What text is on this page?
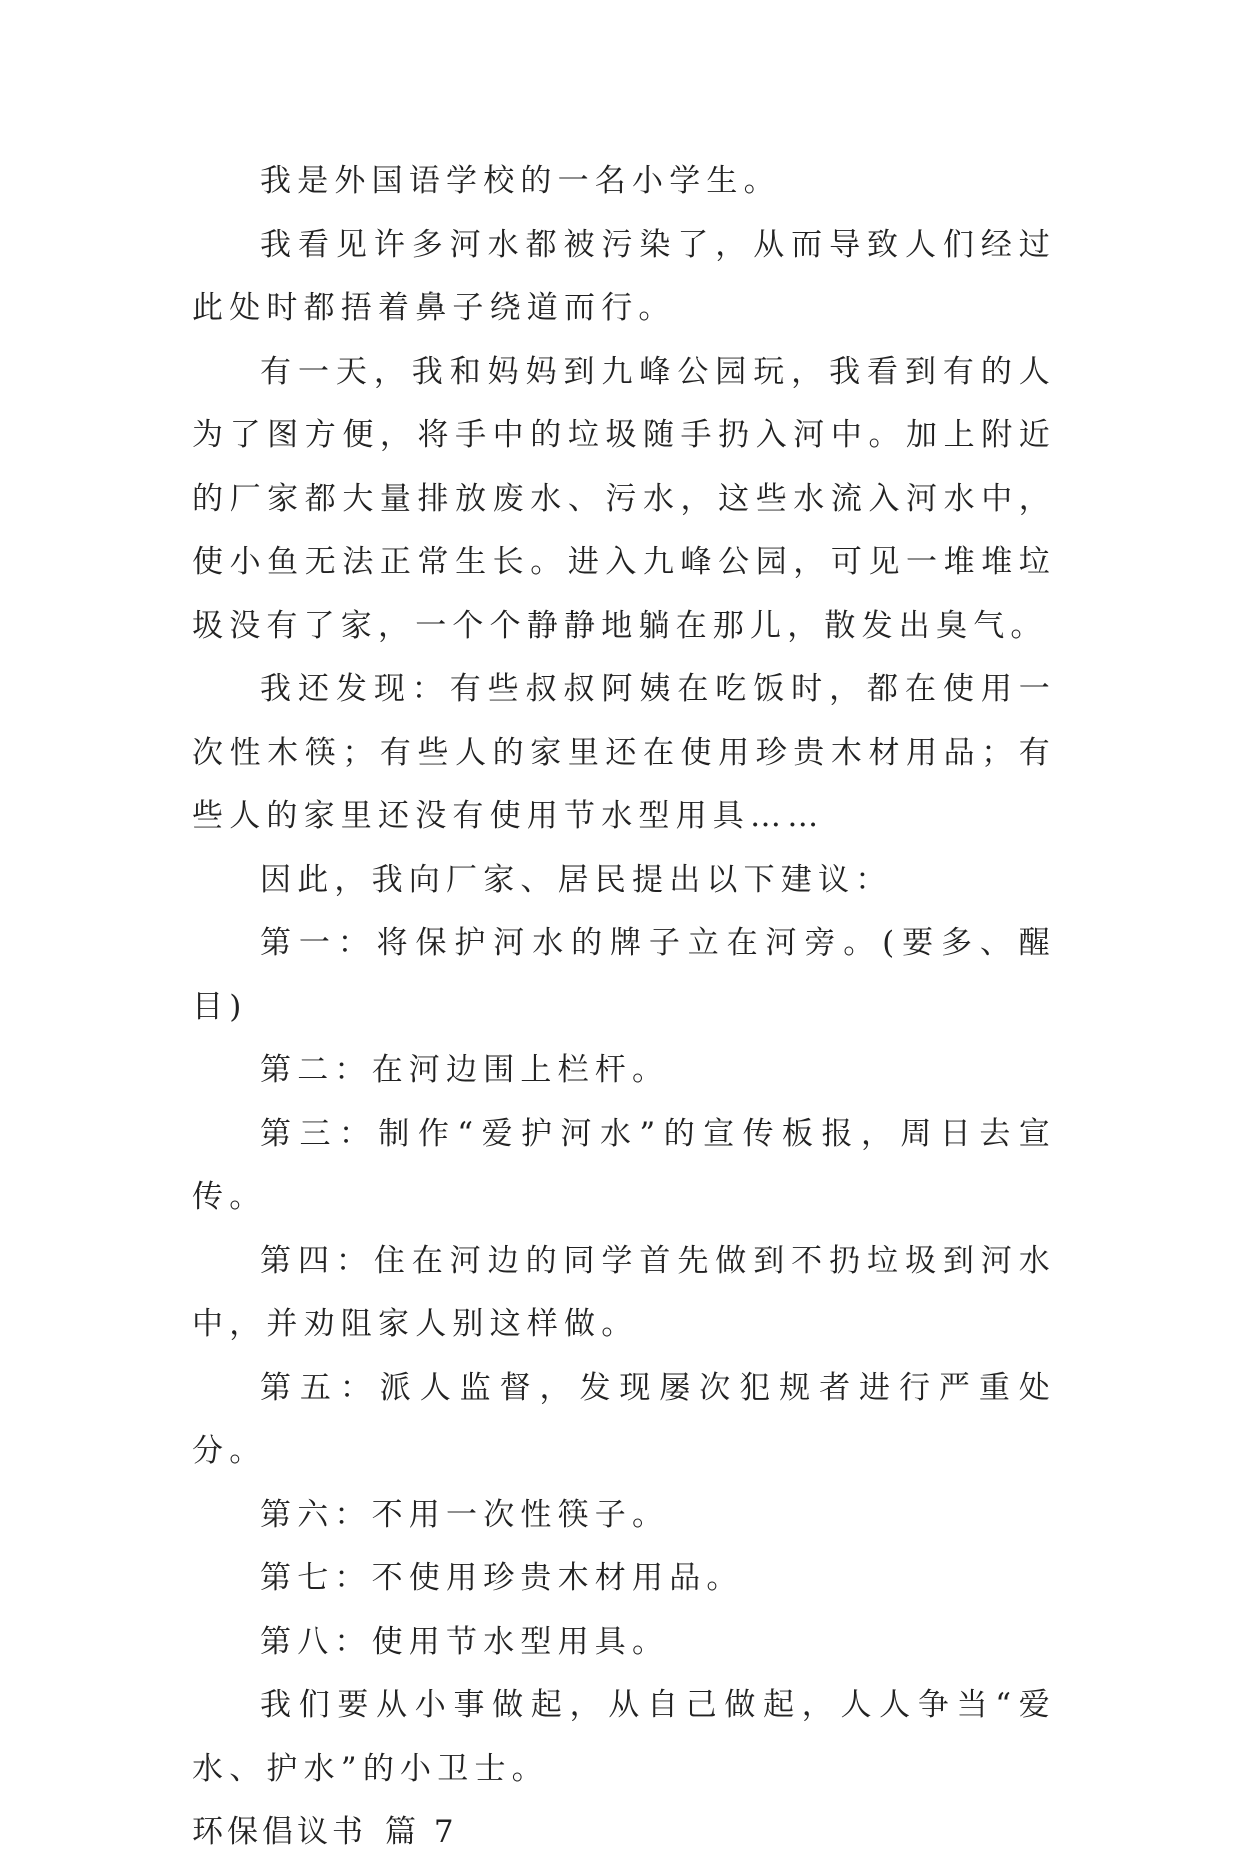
我是外国语学校的一名小学生。

我看见许多河水都被污染了，从而导致人们经过此处时都捂着鼻子绕道而行。

有一天，我和妈妈到九峰公园玩，我看到有的人为了图方便，将手中的垃圾随手扔入河中。加上附近的厂家都大量排放废水、污水，这些水流入河水中，使小鱼无法正常生长。进入九峰公园，可见一堆堆垃圾没有了家，一个个静静地躺在那儿，散发出臭气。

我还发现：有些叔叔阿姨在吃饭时，都在使用一次性木筷；有些人的家里还在使用珍贵木材用品；有些人的家里还没有使用节水型用具……

因此，我向厂家、居民提出以下建议：

第一：将保护河水的牌子立在河旁。(要多、醒目)

第二：在河边围上栏杆。

第三：制作“爱护河水”的宣传板报，周日去宣传。

第四：住在河边的同学首先做到不扔垃圾到河水中，并劝阻家人别这样做。

第五：派人监督，发现屡次犯规者进行严重处分。

第六：不用一次性筷子。

第七：不使用珍贵木材用品。

第八：使用节水型用具。

我们要从小事做起，从自己做起，人人争当“爱水、护水”的小卫士。

环保倡议书 篇 7
